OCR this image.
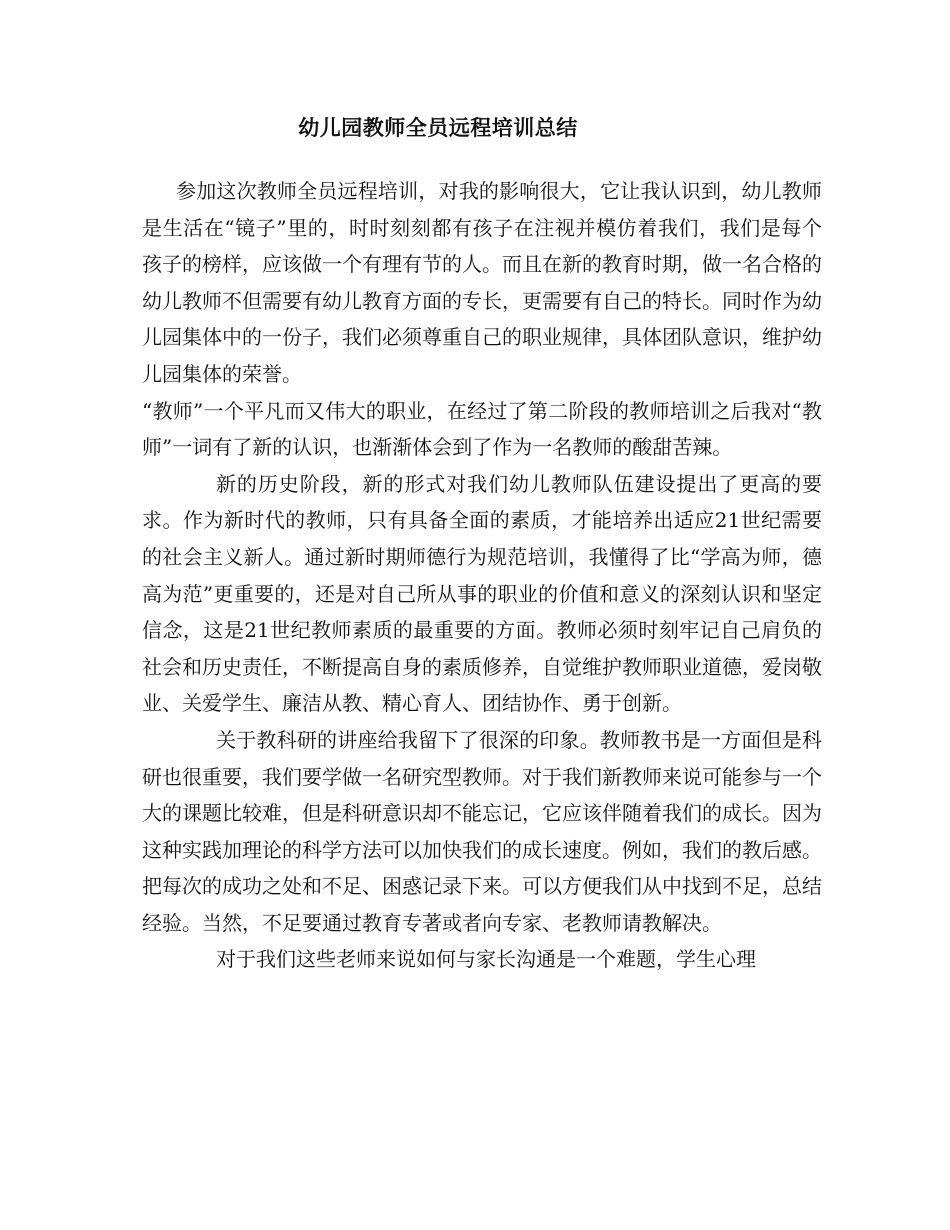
幼儿园教师全员远程培训总结

参加这次教师全员远程培训，对我的影响很大，它让我认识到，幼儿教师是生活在“镜子”里的，时时刻刻都有孩子在注视并模仿着我们，我们是每个孩子的榜样，应该做一个有理有节的人。而且在新的教育时期，做一名合格的幼儿教师不但需要有幼儿教育方面的专长，更需要有自己的特长。同时作为幼儿园集体中的一份子，我们必须尊重自己的职业规律，具体团队意识，维护幼儿园集体的荣誉。

“教师”一个平凡而又伟大的职业，在经过了第二阶段的教师培训之后我对“教师”一词有了新的认识，也渐渐体会到了作为一名教师的酸甜苦辣。

新的历史阶段，新的形式对我们幼儿教师队伍建设提出了更高的要求。作为新时代的教师，只有具备全面的素质，才能培养出适应21世纪需要的社会主义新人。通过新时期师德行为规范培训，我懂得了比“学高为师，德高为范”更重要的，还是对自己所从事的职业的价值和意义的深刻认识和坚定信念，这是21世纪教师素质的最重要的方面。教师必须时刻牢记自己肩负的社会和历史责任，不断提高自身的素质修养，自觉维护教师职业道德，爱岗敬业、关爱学生、廉洁从教、精心育人、团结协作、勇于创新。

关于教科研的讲座给我留下了很深的印象。教师教书是一方面但是科研也很重要，我们要学做一名研究型教师。对于我们新教师来说可能参与一个大的课题比较难，但是科研意识却不能忘记，它应该伴随着我们的成长。因为这种实践加理论的科学方法可以加快我们的成长速度。例如，我们的教后感。把每次的成功之处和不足、困惑记录下来。可以方便我们从中找到不足，总结经验。当然，不足要通过教育专著或者向专家、老教师请教解决。

对于我们这些老师来说如何与家长沟通是一个难题，学生心理
